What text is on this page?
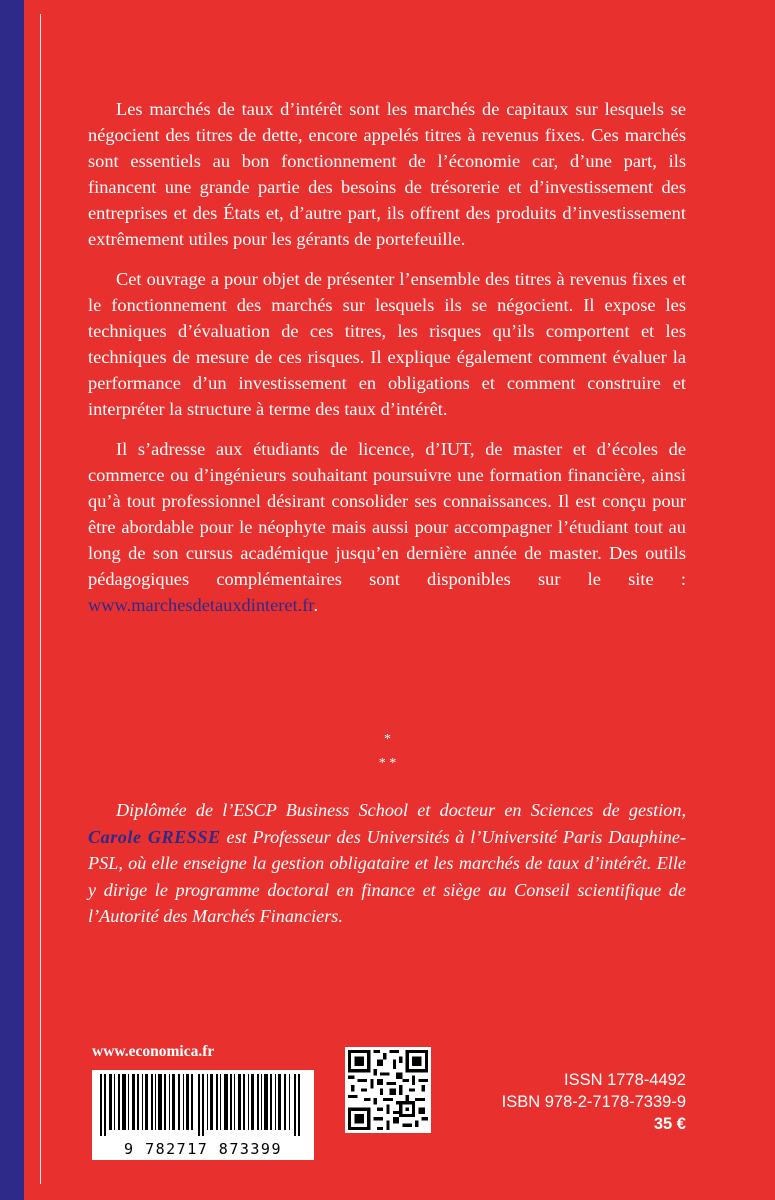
Les marchés de taux d’intérêt sont les marchés de capitaux sur lesquels se négocient des titres de dette, encore appelés titres à revenus fixes. Ces marchés sont essentiels au bon fonctionnement de l’économie car, d’une part, ils financent une grande partie des besoins de trésorerie et d’investissement des entreprises et des États et, d’autre part, ils offrent des produits d’investissement extrêmement utiles pour les gérants de portefeuille.

Cet ouvrage a pour objet de présenter l’ensemble des titres à revenus fixes et le fonctionnement des marchés sur lesquels ils se négocient. Il expose les techniques d’évaluation de ces titres, les risques qu’ils comportent et les techniques de mesure de ces risques. Il explique également comment évaluer la performance d’un investissement en obligations et comment construire et interpréter la structure à terme des taux d’intérêt.

Il s’adresse aux étudiants de licence, d’IUT, de master et d’écoles de commerce ou d’ingénieurs souhaitant poursuivre une formation financière, ainsi qu’à tout professionnel désirant consolider ses connaissances. Il est conçu pour être abordable pour le néophyte mais aussi pour accompagner l’étudiant tout au long de son cursus académique jusqu’en dernière année de master. Des outils pédagogiques complémentaires sont disponibles sur le site : www.marchesdetauxdinteret.fr.

*
* *

Diplômée de l’ESCP Business School et docteur en Sciences de gestion, Carole GRESSE est Professeur des Universités à l’Université Paris Dauphine-PSL, où elle enseigne la gestion obligataire et les marchés de taux d’intérêt. Elle y dirige le programme doctoral en finance et siège au Conseil scientifique de l’Autorité des Marchés Financiers.

www.economica.fr
9 782717 873399
ISSN 1778-4492
ISBN 978-2-7178-7339-9
35 €
